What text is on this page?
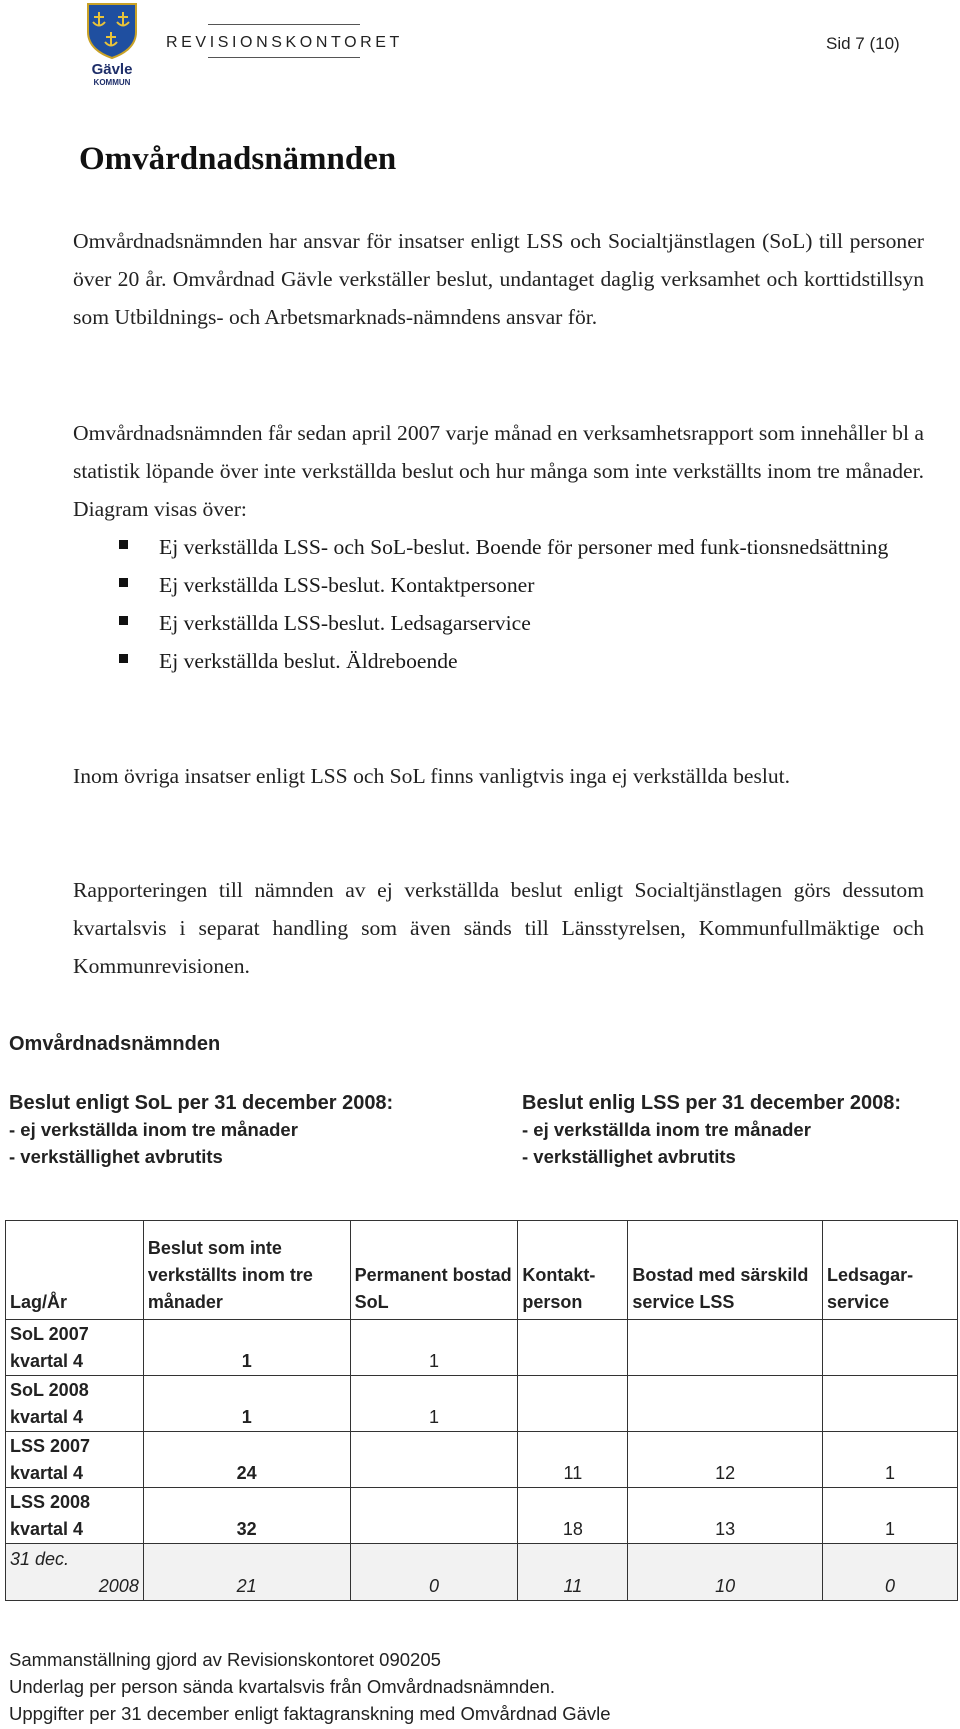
Gävle
KOMMUN
REVISIONSKONTORET	Sid 7 (10)
Omvårdnadsnämnden

Omvårdnadsnämnden har ansvar för insatser enligt LSS och Socialtjänstlagen (SoL) till personer över 20 år. Omvårdnad Gävle verkställer beslut, undantaget daglig verksamhet och korttidstillsyn som Utbildnings- och Arbetsmarknads-nämndens ansvar för.

Omvårdnadsnämnden får sedan april 2007 varje månad en verksamhetsrapport som innehåller bl a statistik löpande över inte verkställda beslut och hur många som inte verkställts inom tre månader. Diagram visas över:

Ej verkställda LSS- och SoL-beslut. Boende för personer med funk-tionsnedsättning
Ej verkställda LSS-beslut. Kontaktpersoner
Ej verkställda LSS-beslut. Ledsagarservice
Ej verkställda beslut. Äldreboende

Inom övriga insatser enligt LSS och SoL finns vanligtvis inga ej verkställda beslut.

Rapporteringen till nämnden av ej verkställda beslut enligt Socialtjänstlagen görs dessutom kvartalsvis i separat handling som även sänds till Länsstyrelsen, Kommunfullmäktige och Kommunrevisionen.

Omvårdnadsnämnden
Beslut enligt SoL per 31 december 2008:
- ej verkställda inom tre månader
- verkställighet avbrutits
Beslut enlig LSS per 31 december 2008:
- ej verkställda inom tre månader
- verkställighet avbrutits
Lag/År	Beslut som inte verkställts inom tre månader	Permanent bostad SoL	Kontakt-person	Bostad med särskild service LSS	Ledsagar-service

SoL 2007
kvartal 4	1	1			

SoL 2008
kvartal 4	1	1			

LSS 2007
kvartal 4	24		11	12	1

LSS 2008
kvartal 4	32		18	13	1

31 dec.
2008	21	0	11	10	0
Sammanställning gjord av Revisionskontoret 090205
Underlag per person sända kvartalsvis från Omvårdnadsnämnden.
Uppgifter per 31 december enligt faktagranskning med Omvårdnad Gävle
